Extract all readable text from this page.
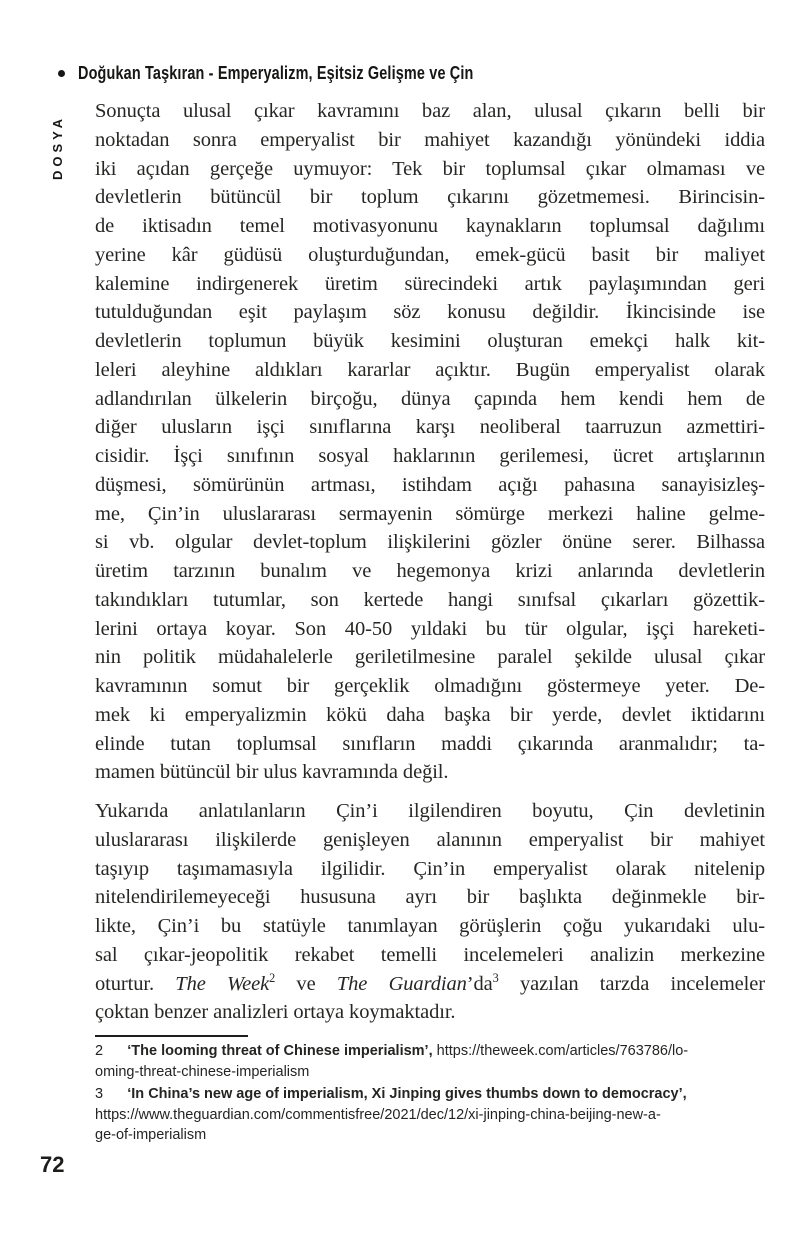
Doğukan Taşkıran - Emperyalizm, Eşitsiz Gelişme ve Çin
DOSYA
Sonuçta ulusal çıkar kavramını baz alan, ulusal çıkarın belli bir
noktadan sonra emperyalist bir mahiyet kazandığı yönündeki iddia
iki açıdan gerçeğe uymuyor: Tek bir toplumsal çıkar olmaması ve
devletlerin bütüncül bir toplum çıkarını gözetmemesi. Birincisin-
de iktisadın temel motivasyonunu kaynakların toplumsal dağılımı
yerine kâr güdüsü oluşturduğundan, emek-gücü basit bir maliyet
kalemine indirgenerek üretim sürecindeki artık paylaşımından geri
tutulduğundan eşit paylaşım söz konusu değildir. İkincisinde ise
devletlerin toplumun büyük kesimini oluşturan emekçi halk kit-
leleri aleyhine aldıkları kararlar açıktır. Bugün emperyalist olarak
adlandırılan ülkelerin birçoğu, dünya çapında hem kendi hem de
diğer ulusların işçi sınıflarına karşı neoliberal taarruzun azmettiri-
cisidir. İşçi sınıfının sosyal haklarının gerilemesi, ücret artışlarının
düşmesi, sömürünün artması, istihdam açığı pahasına sanayisizleş-
me, Çin’in uluslararası sermayenin sömürge merkezi haline gelme-
si vb. olgular devlet-toplum ilişkilerini gözler önüne serer. Bilhassa
üretim tarzının bunalım ve hegemonya krizi anlarında devletlerin
takındıkları tutumlar, son kertede hangi sınıfsal çıkarları gözettik-
lerini ortaya koyar. Son 40-50 yıldaki bu tür olgular, işçi hareketi-
nin politik müdahalelerle geriletilmesine paralel şekilde ulusal çıkar
kavramının somut bir gerçeklik olmadığını göstermeye yeter. De-
mek ki emperyalizmin kökü daha başka bir yerde, devlet iktidarını
elinde tutan toplumsal sınıfların maddi çıkarında aranmalıdır; ta-
mamen bütüncül bir ulus kavramında değil.
Yukarıda anlatılanların Çin’i ilgilendiren boyutu, Çin devletinin
uluslararası ilişkilerde genişleyen alanının emperyalist bir mahiyet
taşıyıp taşımamasıyla ilgilidir. Çin’in emperyalist olarak nitelenip
nitelendirilemeyeceği hususuna ayrı bir başlıkta değinmekle bir-
likte, Çin’i bu statüyle tanımlayan görüşlerin çoğu yukarıdaki ulu-
sal çıkar-jeopolitik rekabet temelli incelemeleri analizin merkezine
oturtur. The Week$^2$ ve The $Guardian’da^3$ yazılan tarzda incelemeler
çoktan benzer analizleri ortaya koymaktadır.
2      ‘The looming threat of Chinese imperialism’, https://theweek.com/articles/763786/lo-
oming-threat-chinese-imperialism
3      ‘In China’s new age of imperialism, Xi Jinping gives thumbs down to democracy’,
https://www.theguardian.com/commentisfree/2021/dec/12/xi-jinping-china-beijing-new-a-
ge-of-imperialism
72
